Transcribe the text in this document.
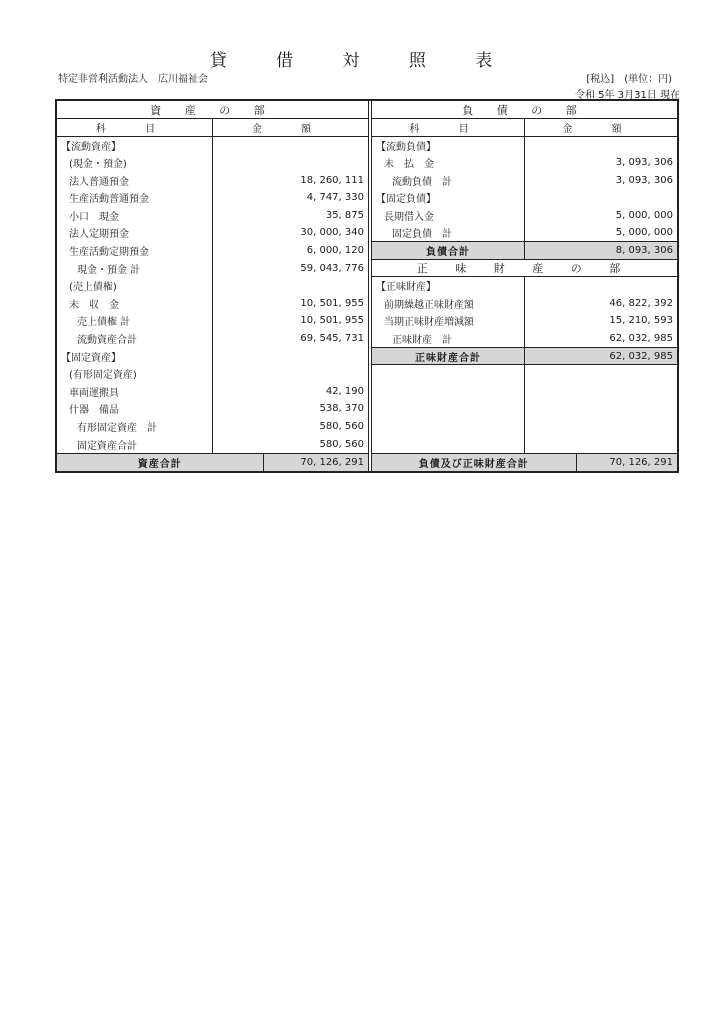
貸 借 対 照 表
特定非営利活動法人　広川福祉会	[税込]　(単位：円)
令和 5年 3月31日 現在
資 産 の 部	
科 目	金 額
【流動資産】	
(現金・預金)	
法人普通預金	18, 260, 111
生産活動普通預金	4, 747, 330
小口　現金	35, 875
法人定期預金	30, 000, 340
生産活動定期預金	6, 000, 120
現金・預金 計	59, 043, 776
(売上債権)	
未　収　金	10, 501, 955
売上債権 計	10, 501, 955
流動資産合計	69, 545, 731
【固定資産】	
(有形固定資産)	
車両運搬具	42, 190
什器　備品	538, 370
有形固定資産　計	580, 560
固定資産合計	580, 560
負 債 の 部	
科 目	金 額
【流動負債】	
未　払　金	3, 093, 306
流動負債　計	3, 093, 306
【固定負債】	
長期借入金	5, 000, 000
固定負債　計	5, 000, 000
負債合計	8, 093, 306
正 味 財 産 の 部	
【正味財産】	
前期繰越正味財産額	46, 822, 392
当期正味財産増減額	15, 210, 593
正味財産　計	62, 032, 985
正味財産合計	62, 032, 985

資産合計	70, 126, 291	負債及び正味財産合計	70, 126, 291
